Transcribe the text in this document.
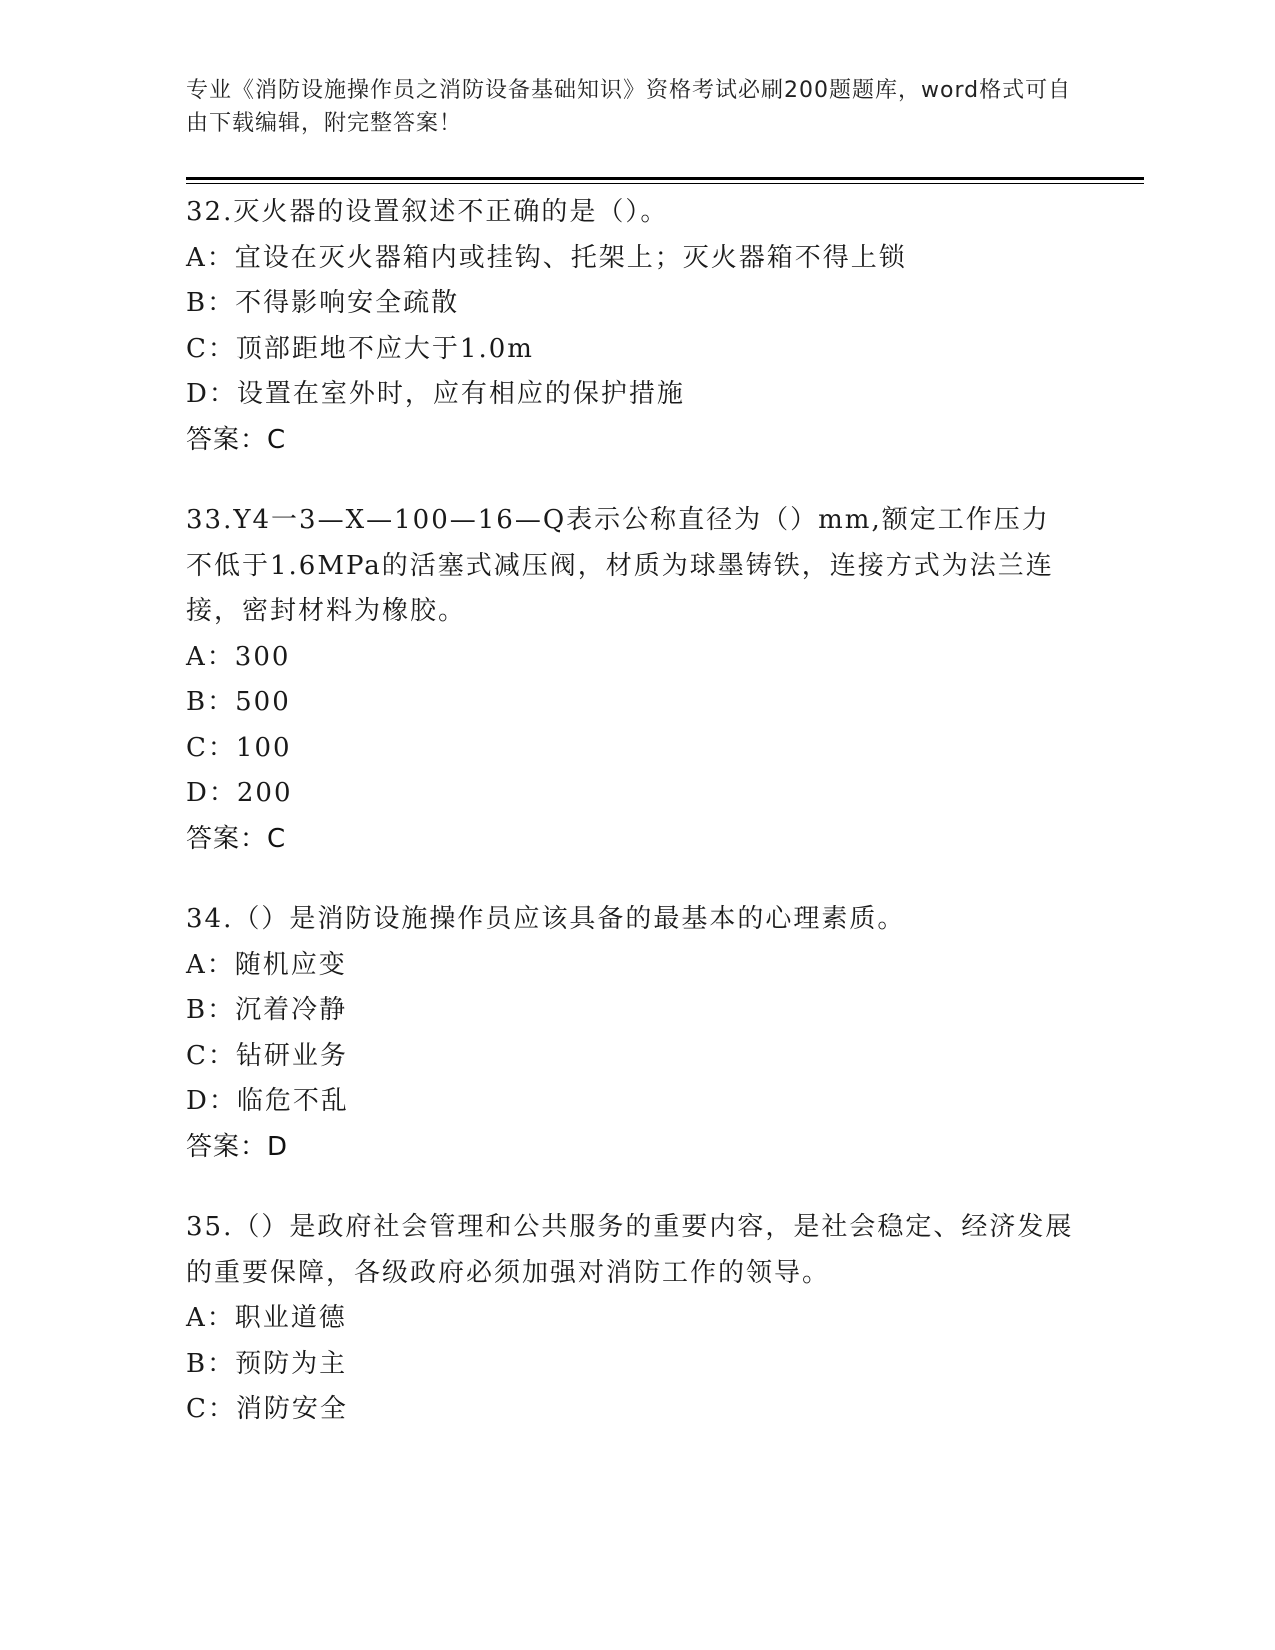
专业《消防设施操作员之消防设备基础知识》资格考试必刷200题题库，word格式可自由下载编辑，附完整答案！

32.灭火器的设置叙述不正确的是（）。

A：宜设在灭火器箱内或挂钩、托架上；灭火器箱不得上锁
B：不得影响安全疏散
C：顶部距地不应大于1.0m
D：设置在室外时，应有相应的保护措施
答案：C

33.Y4一3—X—100—16—Q表示公称直径为（）mm,额定工作压力不低于1.6MPa的活塞式减压阀，材质为球墨铸铁，连接方式为法兰连接，密封材料为橡胶。

A：300
B：500
C：100
D：200
答案：C

34.（）是消防设施操作员应该具备的最基本的心理素质。

A：随机应变
B：沉着冷静
C：钻研业务
D：临危不乱
答案：D

35.（）是政府社会管理和公共服务的重要内容，是社会稳定、经济发展的重要保障，各级政府必须加强对消防工作的领导。

A：职业道德
B：预防为主
C：消防安全
